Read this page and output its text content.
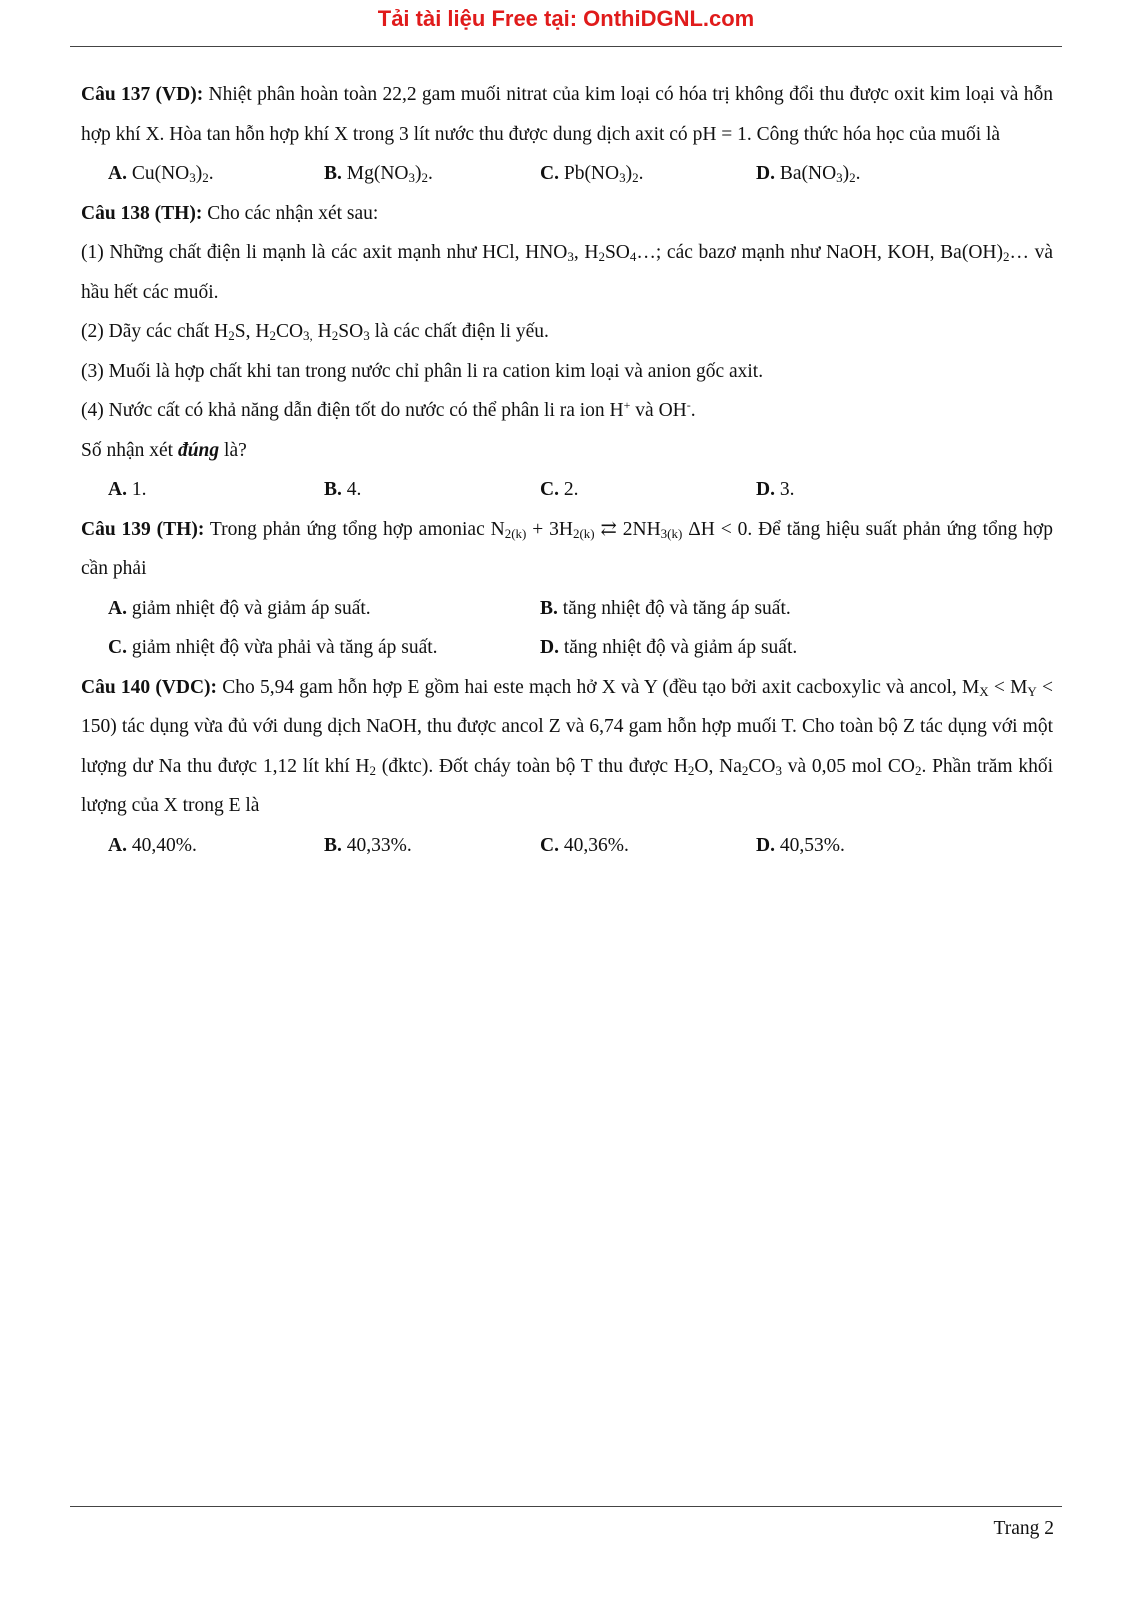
Tải tài liệu Free tại: OnthiDGNL.com

Câu 137 (VD): Nhiệt phân hoàn toàn 22,2 gam muối nitrat của kim loại có hóa trị không đổi thu được oxit kim loại và hỗn hợp khí X. Hòa tan hỗn hợp khí X trong 3 lít nước thu được dung dịch axit có pH = 1. Công thức hóa học của muối là

A. $Cu(NO_3)_2$.	B. $Mg(NO_3)_2$.	C. $Pb(NO_3)_2$.	D. $Ba(NO_3)_2$.

Câu 138 (TH): Cho các nhận xét sau:

(1) Những chất điện li mạnh là các axit mạnh như HCl, $HNO_3$, $H_2SO_4\dots$; các bazơ mạnh như NaOH, KOH, $Ba(OH)_2\dots$ và hầu hết các muối.

(2) Dãy các chất $H_2S$, $H_2CO_{3,}$ $H_2SO_3$ là các chất điện li yếu.

(3) Muối là hợp chất khi tan trong nước chỉ phân li ra cation kim loại và anion gốc axit.

(4) Nước cất có khả năng dẫn điện tốt do nước có thể phân li ra ion H+ và OH-.

Số nhận xét đúng là?

A. 1.	B. 4.	C. 2.	D. 3.

Câu 139 (TH): Trong phản ứng tổng hợp amoniac $N_{2(k)} + 3H_{2(k)}$ ⇄ $2NH_{3(k)}$ ΔH < 0. Để tăng hiệu suất phản ứng tổng hợp cần phải

A. giảm nhiệt độ và giảm áp suất.	B. tăng nhiệt độ và tăng áp suất.
C. giảm nhiệt độ vừa phải và tăng áp suất.	D. tăng nhiệt độ và giảm áp suất.

Câu 140 (VDC): Cho 5,94 gam hỗn hợp E gồm hai este mạch hở X và Y (đều tạo bởi axit cacboxylic và ancol, $M_X < M_Y < 150$) tác dụng vừa đủ với dung dịch NaOH, thu được ancol Z và 6,74 gam hỗn hợp muối T. Cho toàn bộ Z tác dụng với một lượng dư Na thu được 1,12 lít khí $H_2$ (đktc). Đốt cháy toàn bộ T thu được $H_2O$, $Na_2CO_3$ và 0,05 mol $CO_2$. Phần trăm khối lượng của X trong E là

A. 40,40%.	B. 40,33%.	C. 40,36%.	D. 40,53%.
Trang 2
